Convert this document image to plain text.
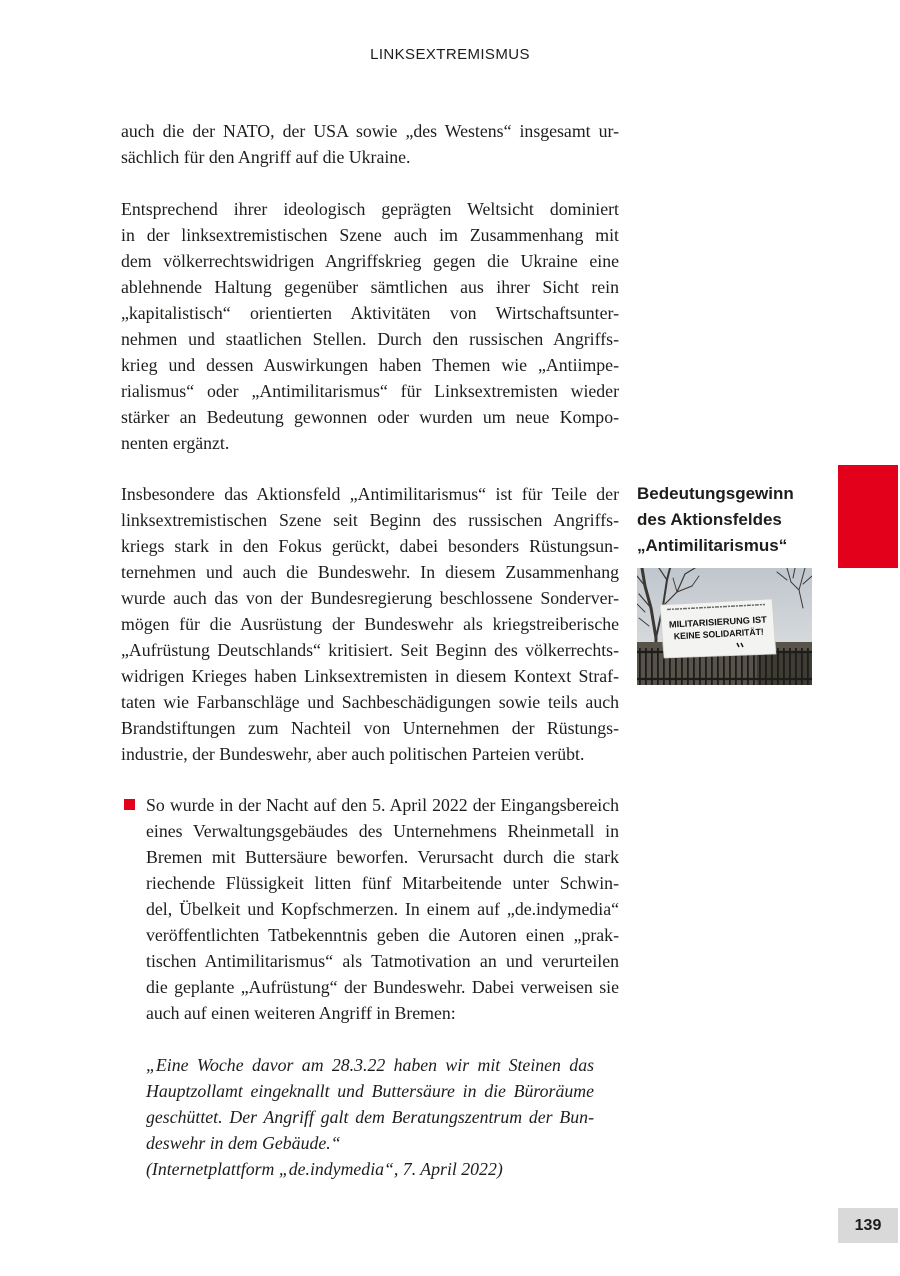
LINKSEXTREMISMUS
auch die der NATO, der USA sowie „des Westens“ insgesamt ur-
sächlich für den Angriff auf die Ukraine.
Entsprechend ihrer ideologisch geprägten Weltsicht dominiert
in der linksextremistischen Szene auch im Zusammenhang mit
dem völkerrechtswidrigen Angriffskrieg gegen die Ukraine eine
ablehnende Haltung gegenüber sämtlichen aus ihrer Sicht rein
„kapitalistisch“ orientierten Aktivitäten von Wirtschaftsunter-
nehmen und staatlichen Stellen. Durch den russischen Angriffs-
krieg und dessen Auswirkungen haben Themen wie „Antiimpe-
rialismus“ oder „Antimilitarismus“ für Linksextremisten wieder
stärker an Bedeutung gewonnen oder wurden um neue Kompo-
nenten ergänzt.
Insbesondere das Aktionsfeld „Antimilitarismus“ ist für Teile der
linksextremistischen Szene seit Beginn des russischen Angriffs-
kriegs stark in den Fokus gerückt, dabei besonders Rüstungsun-
ternehmen und auch die Bundeswehr. In diesem Zusammenhang
wurde auch das von der Bundesregierung beschlossene Sonderver-
mögen für die Ausrüstung der Bundeswehr als kriegstreiberische
„Aufrüstung Deutschlands“ kritisiert. Seit Beginn des völkerrechts-
widrigen Krieges haben Linksextremisten in diesem Kontext Straf-
taten wie Farbanschläge und Sachbeschädigungen sowie teils auch
Brandstiftungen zum Nachteil von Unternehmen der Rüstungs-
industrie, der Bundeswehr, aber auch politischen Parteien verübt.
So wurde in der Nacht auf den 5. April 2022 der Eingangsbereich
eines Verwaltungsgebäudes des Unternehmens Rheinmetall in
Bremen mit Buttersäure beworfen. Verursacht durch die stark
riechende Flüssigkeit litten fünf Mitarbeitende unter Schwin-
del, Übelkeit und Kopfschmerzen. In einem auf „de.indymedia“
veröffentlichten Tatbekenntnis geben die Autoren einen „prak-
tischen Antimilitarismus“ als Tatmotivation an und verurteilen
die geplante „Aufrüstung“ der Bundeswehr. Dabei verweisen sie
auch auf einen weiteren Angriff in Bremen:
„Eine Woche davor am 28.3.22 haben wir mit Steinen das
Hauptzollamt eingeknallt und Buttersäure in die Büroräume
geschüttet. Der Angriff galt dem Beratungszentrum der Bun-
deswehr in dem Gebäude.“
(Internetplattform „de.indymedia“, 7. April 2022)
Bedeutungsgewinn
des Aktionsfeldes
„Antimilitarismus“
MILITARISIERUNG IST
KEINE SOLIDARITÄT!
139
